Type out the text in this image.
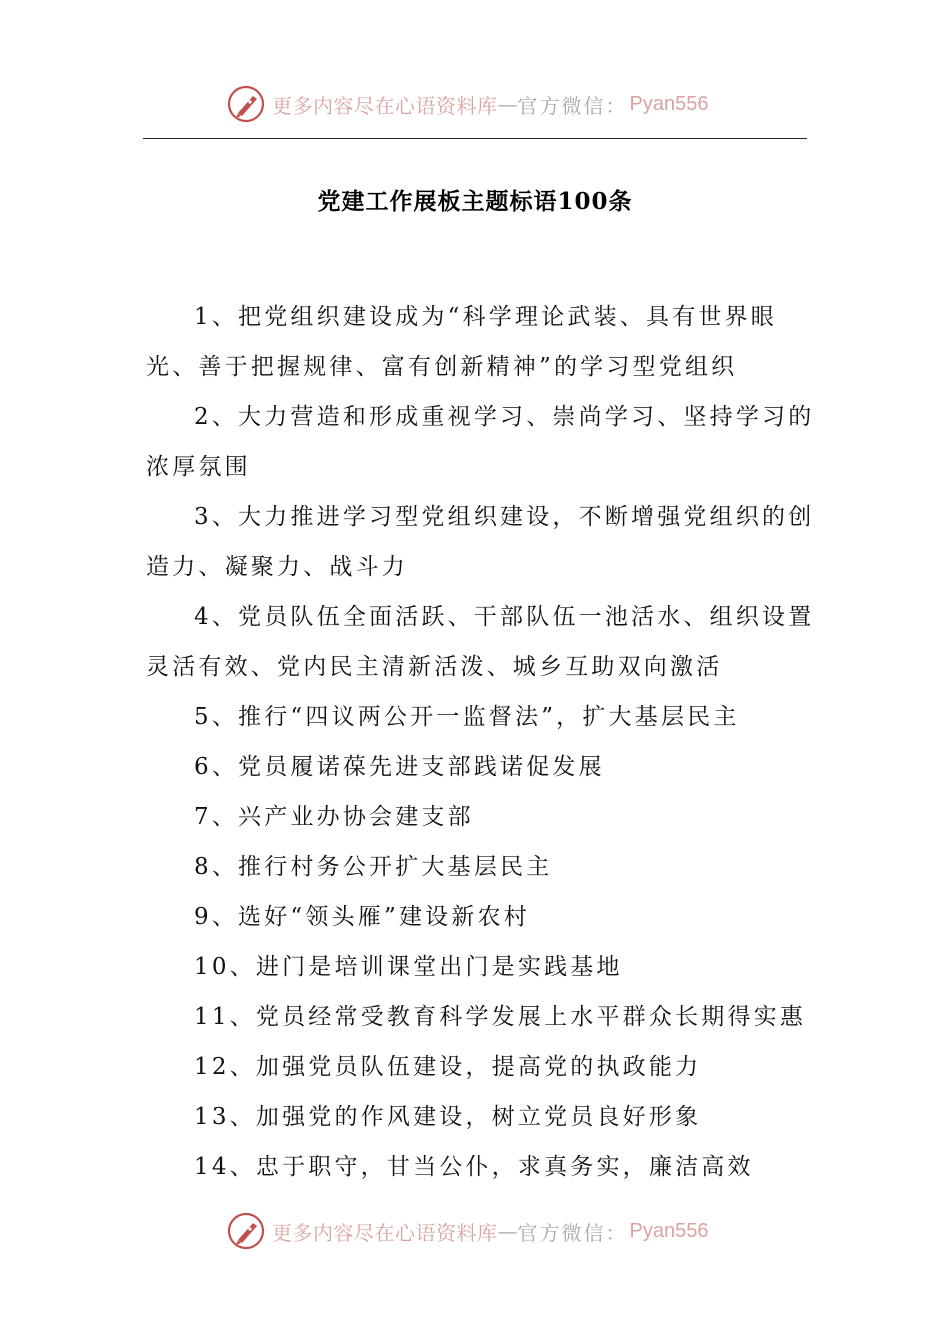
更多内容尽在心语资料库 — 官方微信： Pyan556
党建工作展板主题标语100条

1、把党组织建设成为“科学理论武装、具有世界眼光、善于把握规律、富有创新精神”的学习型党组织

2、大力营造和形成重视学习、崇尚学习、坚持学习的浓厚氛围

3、大力推进学习型党组织建设，不断增强党组织的创造力、凝聚力、战斗力

4、党员队伍全面活跃、干部队伍一池活水、组织设置灵活有效、党内民主清新活泼、城乡互助双向激活

5、推行“四议两公开一监督法”，扩大基层民主

6、党员履诺葆先进支部践诺促发展

7、兴产业办协会建支部

8、推行村务公开扩大基层民主

9、选好“领头雁”建设新农村

10、进门是培训课堂出门是实践基地

11、党员经常受教育科学发展上水平群众长期得实惠

12、加强党员队伍建设，提高党的执政能力

13、加强党的作风建设，树立党员良好形象

14、忠于职守，甘当公仆，求真务实，廉洁高效

更多内容尽在心语资料库 — 官方微信： Pyan556
